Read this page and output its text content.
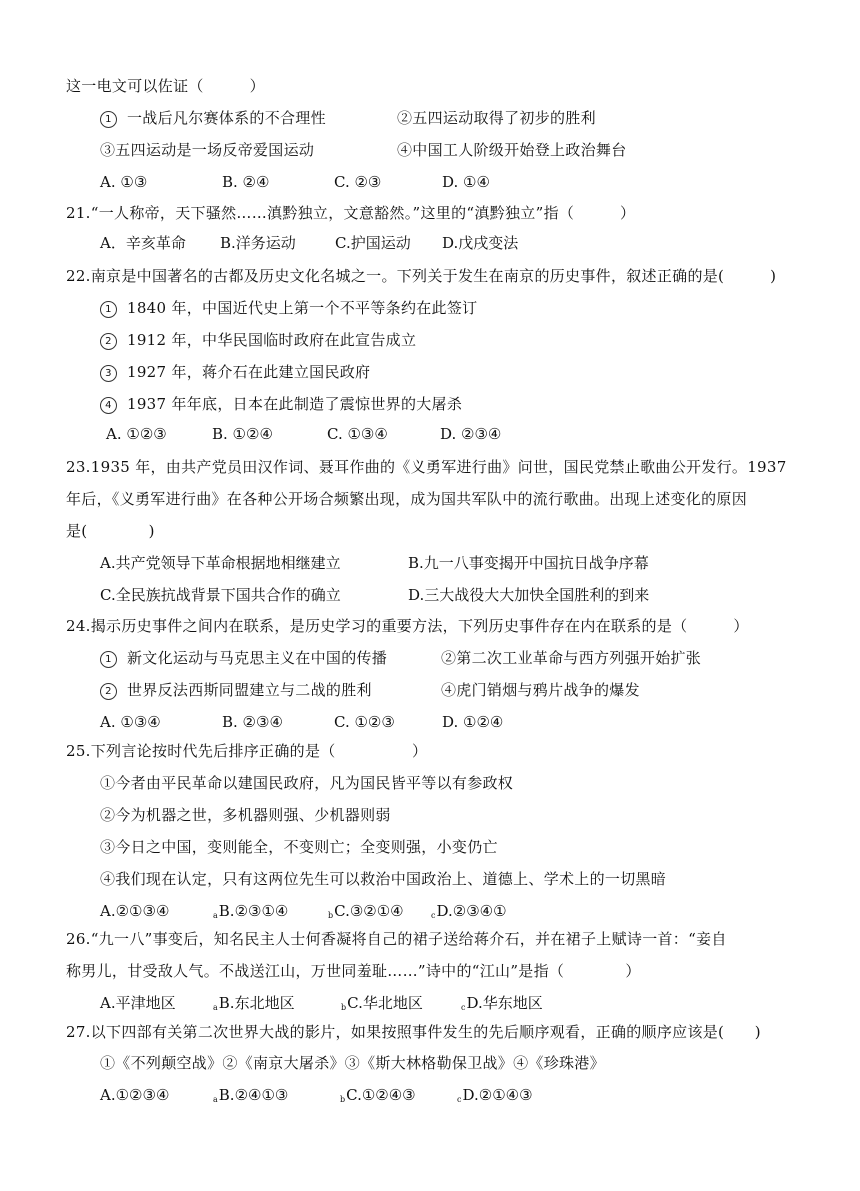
这一电文可以佐证（　　　）
1 一战后凡尔赛体系的不合理性	②五四运动取得了初步的胜利
③五四运动是一场反帝爱国运动	④中国工人阶级开始登上政治舞台
A. ①③	B. ②④	C. ②③	D. ①④
21.“一人称帝，天下骚然……滇黔独立，文意豁然。”这里的“滇黔独立”指（　　　）
A．辛亥革命 B.洋务运动	C.护国运动 D.戊戌变法
22.南京是中国著名的古都及历史文化名城之一。下列关于发生在南京的历史事件，叙述正确的是(　　　)
1 1840 年，中国近代史上第一个不平等条约在此签订
2 1912 年，中华民国临时政府在此宣告成立
3 1927 年，蒋介石在此建立国民政府
4 1937 年年底，日本在此制造了震惊世界的大屠杀
A. ①②③	B. ①②④	C. ①③④	D. ②③④
23.1935 年，由共产党员田汉作词、聂耳作曲的《义勇军进行曲》问世，国民党禁止歌曲公开发行。1937
年后，《义勇军进行曲》在各种公开场合频繁出现，成为国共军队中的流行歌曲。出现上述变化的原因
是(　　　　)
A.共产党领导下革命根据地相继建立	B.九一八事变揭开中国抗日战争序幕
C.全民族抗战背景下国共合作的确立	D.三大战役大大加快全国胜利的到来
24.揭示历史事件之间内在联系，是历史学习的重要方法，下列历史事件存在内在联系的是（　　　）
1 新文化运动与马克思主义在中国的传播	②第二次工业革命与西方列强开始扩张
2 世界反法西斯同盟建立与二战的胜利	④虎门销烟与鸦片战争的爆发
A. ①③④	B. ②③④	C. ①②③	D. ①②④
25.下列言论按时代先后排序正确的是（　　　　　）
①今者由平民革命以建国民政府，凡为国民皆平等以有参政权
②今为机器之世，多机器则强、少机器则弱
③今日之中国，变则能全，不变则亡；全变则强，小变仍亡
④我们现在认定，只有这两位先生可以救治中国政治上、道德上、学术上的一切黑暗
A.②①③④	aB.②③①④	bC.③②①④	cD.②③④①
26.“九一八”事变后，知名民主人士何香凝将自己的裙子送给蒋介石，并在裙子上赋诗一首：“妾自
称男儿，甘受敌人气。不战送江山，万世同羞耻……”诗中的“江山”是指（　　　　）
A.平津地区	aB.东北地区	bC.华北地区	cD.华东地区
27.以下四部有关第二次世界大战的影片，如果按照事件发生的先后顺序观看，正确的顺序应该是(　　)
①《不列颠空战》②《南京大屠杀》③《斯大林格勒保卫战》④《珍珠港》
A.①②③④	aB.②④①③	bC.①②④③	cD.②①④③
